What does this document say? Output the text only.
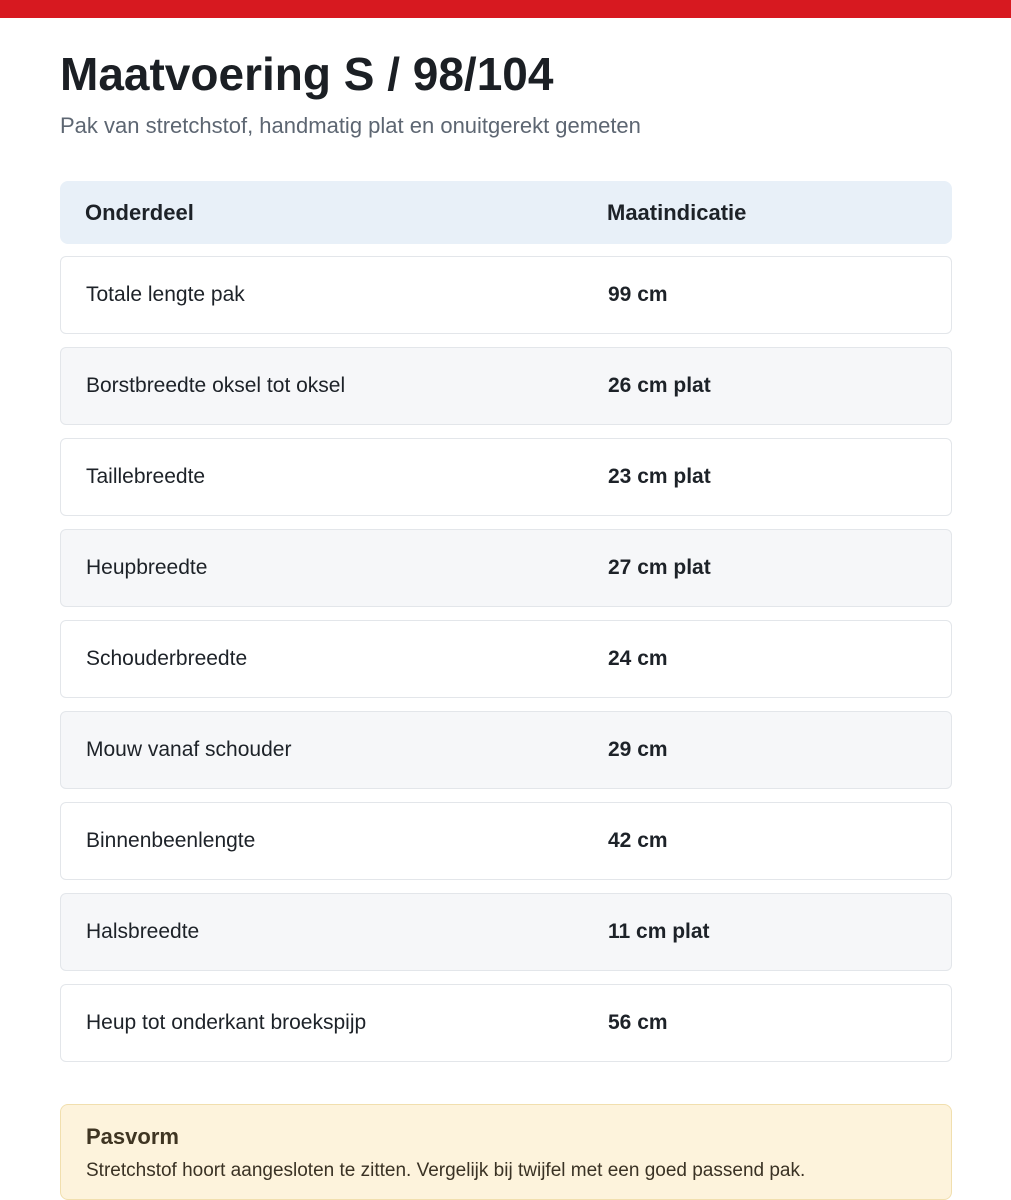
Maatvoering S / 98/104
Pak van stretchstof, handmatig plat en onuitgerekt gemeten
Onderdeel	Maatindicatie
Totale lengte pak	99 cm
Borstbreedte oksel tot oksel	26 cm plat
Taillebreedte	23 cm plat
Heupbreedte	27 cm plat
Schouderbreedte	24 cm
Mouw vanaf schouder	29 cm
Binnenbeenlengte	42 cm
Halsbreedte	11 cm plat
Heup tot onderkant broekspijp	56 cm
Pasvorm
Stretchstof hoort aangesloten te zitten. Vergelijk bij twijfel met een goed passend pak.
